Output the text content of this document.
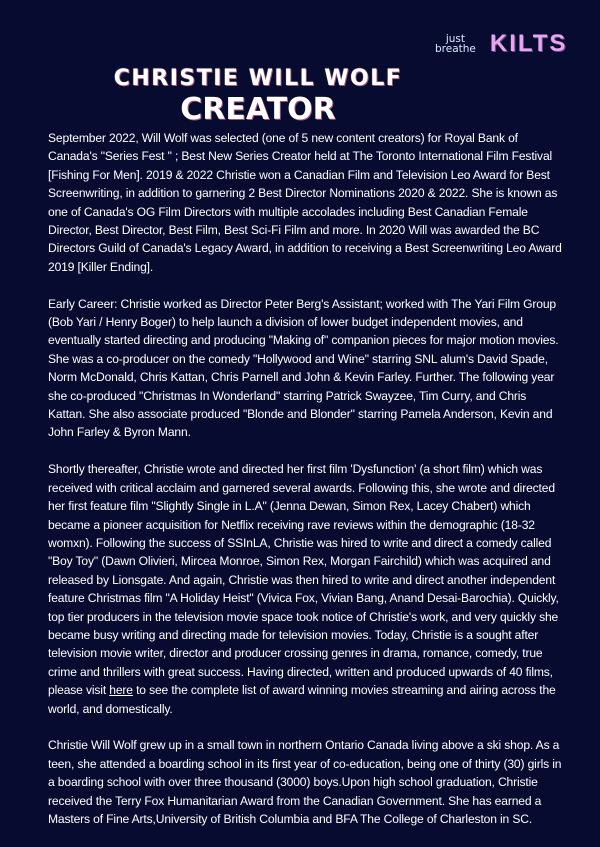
just
breathe KILTS
CHRISTIE WILL WOLF
CREATOR

September 2022, Will Wolf was selected (one of 5 new content creators) for Royal Bank of Canada's "Series Fest " ; Best New Series Creator held at The Toronto International Film Festival [Fishing For Men]. 2019 & 2022 Christie won a Canadian Film and Television Leo Award for Best Screenwriting, in addition to garnering 2 Best Director Nominations 2020 & 2022. She is known as one of Canada's OG Film Directors with multiple accolades including Best Canadian Female Director, Best Director, Best Film, Best Sci-Fi Film and more. In 2020 Will was awarded the BC Directors Guild of Canada's Legacy Award, in addition to receiving a Best Screenwriting Leo Award 2019 [Killer Ending].

Early Career: Christie worked as Director Peter Berg's Assistant; worked with The Yari Film Group (Bob Yari / Henry Boger) to help launch a division of lower budget independent movies, and eventually started directing and producing "Making of" companion pieces for major motion movies. She was a co-producer on the comedy "Hollywood and Wine" starring SNL alum's David Spade, Norm McDonald, Chris Kattan, Chris Parnell and John & Kevin Farley. Further. The following year she co-produced "Christmas In Wonderland" starring Patrick Swayzee, Tim Curry, and Chris Kattan. She also associate produced "Blonde and Blonder" starring Pamela Anderson, Kevin and John Farley & Byron Mann.

Shortly thereafter, Christie wrote and directed her first film 'Dysfunction' (a short film) which was received with critical acclaim and garnered several awards. Following this, she wrote and directed her first feature film "Slightly Single in L.A" (Jenna Dewan, Simon Rex, Lacey Chabert) which became a pioneer acquisition for Netflix receiving rave reviews within the demographic (18-32 womxn). Following the success of SSInLA, Christie was hired to write and direct a comedy called "Boy Toy" (Dawn Olivieri, Mircea Monroe, Simon Rex, Morgan Fairchild) which was acquired and released by Lionsgate. And again, Christie was then hired to write and direct another independent feature Christmas film "A Holiday Heist" (Vivica Fox, Vivian Bang, Anand Desai-Barochia). Quickly, top tier producers in the television movie space took notice of Christie's work, and very quickly she became busy writing and directing made for television movies. Today, Christie is a sought after television movie writer, director and producer crossing genres in drama, romance, comedy, true crime and thrillers with great success. Having directed, written and produced upwards of 40 films, please visit here to see the complete list of award winning movies streaming and airing across the world, and domestically.

Christie Will Wolf grew up in a small town in northern Ontario Canada living above a ski shop. As a teen, she attended a boarding school in its first year of co-education, being one of thirty (30) girls in a boarding school with over three thousand (3000) boys.Upon high school graduation, Christie received the Terry Fox Humanitarian Award from the Canadian Government. She has earned a Masters of Fine Arts,University of British Columbia and BFA The College of Charleston in SC.
